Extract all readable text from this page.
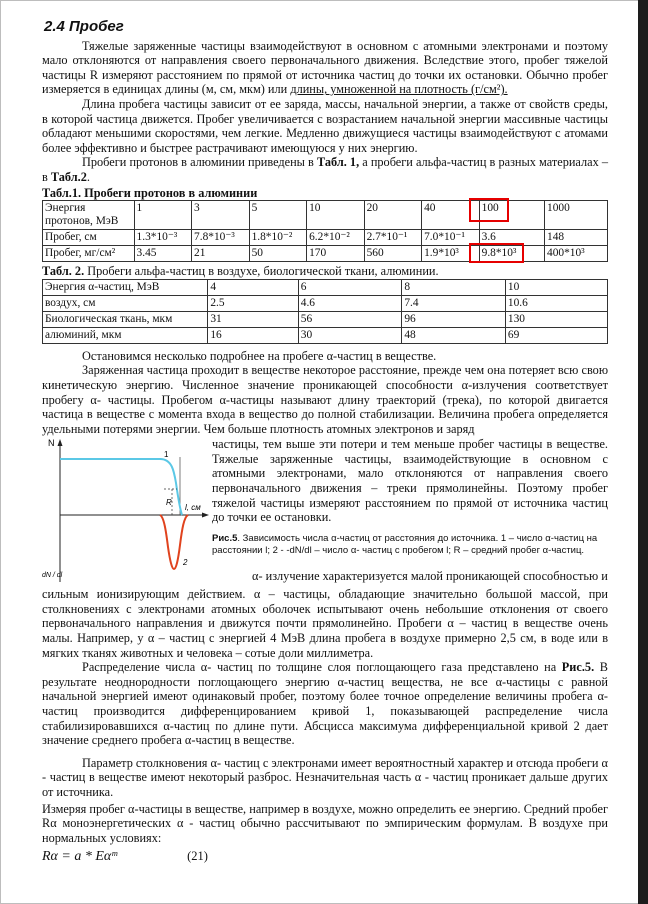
2.4 Пробег

Тяжелые заряженные частицы взаимодействуют в основном с атомными электронами и поэтому мало отклоняются от направления своего первоначального движения. Вследствие этого, пробег тяжелой частицы R измеряют расстоянием по прямой от источника частиц до точки их остановки. Обычно пробег измеряется в единицах длины (м, см, мкм) или длины, умноженной на плотность (г/см²).

Длина пробега частицы зависит от ее заряда, массы, начальной энергии, а также от свойств среды, в которой частица движется. Пробег увеличивается с возрастанием начальной энергии массивные частицы обладают меньшими скоростями, чем легкие. Медленно движущиеся частицы взаимодействуют с атомами более эффективно и быстрее растрачивают имеющуюся у них энергию.

Пробеги протонов в алюминии приведены в Табл. 1, а пробеги альфа-частиц в разных материалах – в Табл.2.

Табл.1. Пробеги протонов в алюминии
Энергия протонов, МэВ	1	3	5	10	20	40	100	1000
Пробег, см	1.3*10⁻³	7.8*10⁻³	1.8*10⁻²	6.2*10⁻²	2.7*10⁻¹	7.0*10⁻¹	3.6	148
Пробег, мг/см²	3.45	21	50	170	560	1.9*10³	9.8*10³	400*10³
Табл. 2. Пробеги альфа-частиц в воздухе, биологической ткани, алюминии.
Энергия α-частиц, МэВ	4	6	8	10
воздух, см	2.5	4.6	7.4	10.6
Биологическая ткань, мкм	31	56	96	130
алюминий, мкм	16	30	48	69

Остановимся несколько подробнее на пробеге α-частиц в веществе.

Заряженная частица проходит в веществе некоторое расстояние, прежде чем она потеряет всю свою кинетическую энергию. Численное значение проникающей способности α-излучения соответствует пробегу α- частицы. Пробегом α-частицы называют длину траекторий (трека), по которой двигается частица в веществе с момента входа в вещество до полной стабилизации. Величина пробега определяется удельными потерями энергии. Чем больше плотность атомных электронов и заряд

N
l, см
1
2
R
dN / dl

частицы, тем выше эти потери и тем меньше пробег частицы в веществе. Тяжелые заряженные частицы, взаимодействующие в основном с атомными электронами, мало отклоняются от направления своего первоначального движения – треки прямолинейны. Поэтому пробег тяжелой частицы измеряют расстоянием по прямой от источника частиц до точки ее остановки.

Рис.5. Зависимость числа α-частиц от расстояния до источника. 1 – число α-частиц на расстоянии l; 2 - -dN/dl – число α- частиц с пробегом l; R – средний пробег α-частиц.

α- излучение характеризуется малой проникающей способностью и

сильным ионизирующим действием. α – частицы, обладающие значительно большой массой, при столкновениях с электронами атомных оболочек испытывают очень небольшие отклонения от своего первоначального направления и движутся почти прямолинейно. Пробеги α – частиц в веществе очень малы. Например, у α – частиц с энергией 4 МэВ длина пробега в воздухе примерно 2,5 см, в воде или в мягких тканях животных и человека – сотые доли миллиметра.

Распределение числа α- частиц по толщине слоя поглощающего газа представлено на Рис.5. В результате неоднородности поглощающего энергию α-частиц вещества, не все α-частицы с равной начальной энергией имеют одинаковый пробег, поэтому более точное определение величины пробега α-частиц производится дифференцированием кривой 1, показывающей распределение числа стабилизировавшихся α-частиц по длине пути. Абсцисса максимума дифференциальной кривой 2 дает значение среднего пробега α-частиц в веществе.

Параметр столкновения α- частиц с электронами имеет вероятностный характер и отсюда пробеги α - частиц в веществе имеют некоторый разброс. Незначительная часть α - частиц проникает дальше других от источника.

Измеряя пробег α-частицы в веществе, например в воздухе, можно определить ее энергию. Средний пробег Rα моноэнергетических α - частиц обычно рассчитывают по эмпирическим формулам. В воздухе при нормальных условиях:

Rα = a * Eαᵐ	(21)
